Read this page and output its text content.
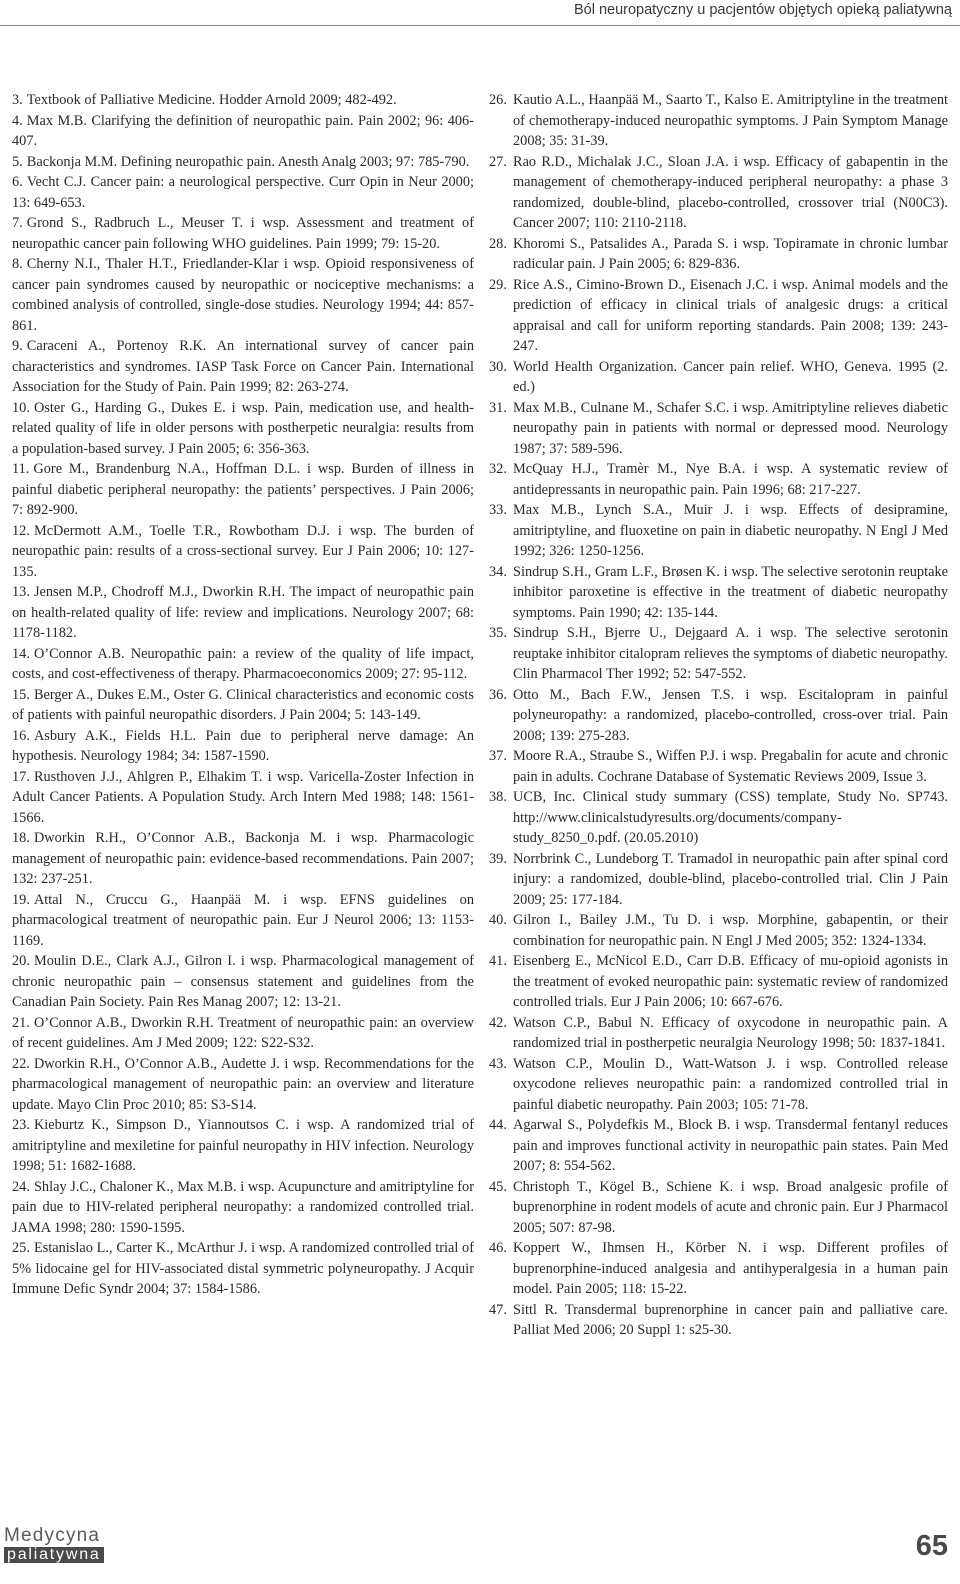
Ból neuropatyczny u pacjentów objętych opieką paliatywną
3. Textbook of Palliative Medicine. Hodder Arnold 2009; 482-492.
4. Max M.B. Clarifying the definition of neuropathic pain. Pain 2002; 96: 406-407.
5. Backonja M.M. Defining neuropathic pain. Anesth Analg 2003; 97: 785-790.
6. Vecht C.J. Cancer pain: a neurological perspective. Curr Opin in Neur 2000; 13: 649-653.
7. Grond S., Radbruch L., Meuser T. i wsp. Assessment and treatment of neuropathic cancer pain following WHO guidelines. Pain 1999; 79: 15-20.
8. Cherny N.I., Thaler H.T., Friedlander-Klar i wsp. Opioid responsiveness of cancer pain syndromes caused by neuropathic or nociceptive mechanisms: a combined analysis of controlled, single-dose studies. Neurology 1994; 44: 857-861.
9. Caraceni A., Portenoy R.K. An international survey of cancer pain characteristics and syndromes. IASP Task Force on Cancer Pain. International Association for the Study of Pain. Pain 1999; 82: 263-274.
10. Oster G., Harding G., Dukes E. i wsp. Pain, medication use, and health-related quality of life in older persons with postherpetic neuralgia: results from a population-based survey. J Pain 2005; 6: 356-363.
11. Gore M., Brandenburg N.A., Hoffman D.L. i wsp. Burden of illness in painful diabetic peripheral neuropathy: the patients’ perspectives. J Pain 2006; 7: 892-900.
12. McDermott A.M., Toelle T.R., Rowbotham D.J. i wsp. The burden of neuropathic pain: results of a cross-sectional survey. Eur J Pain 2006; 10: 127-135.
13. Jensen M.P., Chodroff M.J., Dworkin R.H. The impact of neuropathic pain on health-related quality of life: review and implications. Neurology 2007; 68: 1178-1182.
14. O’Connor A.B. Neuropathic pain: a review of the quality of life impact, costs, and cost-effectiveness of therapy. Pharmacoeconomics 2009; 27: 95-112.
15. Berger A., Dukes E.M., Oster G. Clinical characteristics and economic costs of patients with painful neuropathic disorders. J Pain 2004; 5: 143-149.
16. Asbury A.K., Fields H.L. Pain due to peripheral nerve damage: An hypothesis. Neurology 1984; 34: 1587-1590.
17. Rusthoven J.J., Ahlgren P., Elhakim T. i wsp. Varicella-Zoster Infection in Adult Cancer Patients. A Population Study. Arch Intern Med 1988; 148: 1561-1566.
18. Dworkin R.H., O’Connor A.B., Backonja M. i wsp. Pharmacologic management of neuropathic pain: evidence-based recommendations. Pain 2007; 132: 237-251.
19. Attal N., Cruccu G., Haanpää M. i wsp. EFNS guidelines on pharmacological treatment of neuropathic pain. Eur J Neurol 2006; 13: 1153-1169.
20. Moulin D.E., Clark A.J., Gilron I. i wsp. Pharmacological management of chronic neuropathic pain – consensus statement and guidelines from the Canadian Pain Society. Pain Res Manag 2007; 12: 13-21.
21. O’Connor A.B., Dworkin R.H. Treatment of neuropathic pain: an overview of recent guidelines. Am J Med 2009; 122: S22-S32.
22. Dworkin R.H., O’Connor A.B., Audette J. i wsp. Recommendations for the pharmacological management of neuropathic pain: an overview and literature update. Mayo Clin Proc 2010; 85: S3-S14.
23. Kieburtz K., Simpson D., Yiannoutsos C. i wsp. A randomized trial of amitriptyline and mexiletine for painful neuropathy in HIV infection. Neurology 1998; 51: 1682-1688.
24. Shlay J.C., Chaloner K., Max M.B. i wsp. Acupuncture and amitriptyline for pain due to HIV-related peripheral neuropathy: a randomized controlled trial. JAMA 1998; 280: 1590-1595.
25. Estanislao L., Carter K., McArthur J. i wsp. A randomized controlled trial of 5% lidocaine gel for HIV-associated distal symmetric polyneuropathy. J Acquir Immune Defic Syndr 2004; 37: 1584-1586.
26. Kautio A.L., Haanpää M., Saarto T., Kalso E. Amitriptyline in the treatment of chemotherapy-induced neuropathic symptoms. J Pain Symptom Manage 2008; 35: 31-39.
27. Rao R.D., Michalak J.C., Sloan J.A. i wsp. Efficacy of gabapentin in the management of chemotherapy-induced peripheral neuropathy: a phase 3 randomized, double-blind, placebo-controlled, crossover trial (N00C3). Cancer 2007; 110: 2110-2118.
28. Khoromi S., Patsalides A., Parada S. i wsp. Topiramate in chronic lumbar radicular pain. J Pain 2005; 6: 829-836.
29. Rice A.S., Cimino-Brown D., Eisenach J.C. i wsp. Animal models and the prediction of efficacy in clinical trials of analgesic drugs: a critical appraisal and call for uniform reporting standards. Pain 2008; 139: 243-247.
30. World Health Organization. Cancer pain relief. WHO, Geneva. 1995 (2. ed.)
31. Max M.B., Culnane M., Schafer S.C. i wsp. Amitriptyline relieves diabetic neuropathy pain in patients with normal or depressed mood. Neurology 1987; 37: 589-596.
32. McQuay H.J., Tramèr M., Nye B.A. i wsp. A systematic review of antidepressants in neuropathic pain. Pain 1996; 68: 217-227.
33. Max M.B., Lynch S.A., Muir J. i wsp. Effects of desipramine, amitriptyline, and fluoxetine on pain in diabetic neuropathy. N Engl J Med 1992; 326: 1250-1256.
34. Sindrup S.H., Gram L.F., Brøsen K. i wsp. The selective serotonin reuptake inhibitor paroxetine is effective in the treatment of diabetic neuropathy symptoms. Pain 1990; 42: 135-144.
35. Sindrup S.H., Bjerre U., Dejgaard A. i wsp. The selective serotonin reuptake inhibitor citalopram relieves the symptoms of diabetic neuropathy. Clin Pharmacol Ther 1992; 52: 547-552.
36. Otto M., Bach F.W., Jensen T.S. i wsp. Escitalopram in painful polyneuropathy: a randomized, placebo-controlled, cross-over trial. Pain 2008; 139: 275-283.
37. Moore R.A., Straube S., Wiffen P.J. i wsp. Pregabalin for acute and chronic pain in adults. Cochrane Database of Systematic Reviews 2009, Issue 3.
38. UCB, Inc. Clinical study summary (CSS) template, Study No. SP743. http://www.clinicalstudyresults.org/documents/company-study_8250_0.pdf. (20.05.2010)
39. Norrbrink C., Lundeborg T. Tramadol in neuropathic pain after spinal cord injury: a randomized, double-blind, placebo-controlled trial. Clin J Pain 2009; 25: 177-184.
40. Gilron I., Bailey J.M., Tu D. i wsp. Morphine, gabapentin, or their combination for neuropathic pain. N Engl J Med 2005; 352: 1324-1334.
41. Eisenberg E., McNicol E.D., Carr D.B. Efficacy of mu-opioid agonists in the treatment of evoked neuropathic pain: systematic review of randomized controlled trials. Eur J Pain 2006; 10: 667-676.
42. Watson C.P., Babul N. Efficacy of oxycodone in neuropathic pain. A randomized trial in postherpetic neuralgia Neurology 1998; 50: 1837-1841.
43. Watson C.P., Moulin D., Watt-Watson J. i wsp. Controlled release oxycodone relieves neuropathic pain: a randomized controlled trial in painful diabetic neuropathy. Pain 2003; 105: 71-78.
44. Agarwal S., Polydefkis M., Block B. i wsp. Transdermal fentanyl reduces pain and improves functional activity in neuropathic pain states. Pain Med 2007; 8: 554-562.
45. Christoph T., Kögel B., Schiene K. i wsp. Broad analgesic profile of buprenorphine in rodent models of acute and chronic pain. Eur J Pharmacol 2005; 507: 87-98.
46. Koppert W., Ihmsen H., Körber N. i wsp. Different profiles of buprenorphine-induced analgesia and antihyperalgesia in a human pain model. Pain 2005; 118: 15-22.
47. Sittl R. Transdermal buprenorphine in cancer pain and palliative care. Palliat Med 2006; 20 Suppl 1: s25-30.
Medycyna
paliatywna	65
